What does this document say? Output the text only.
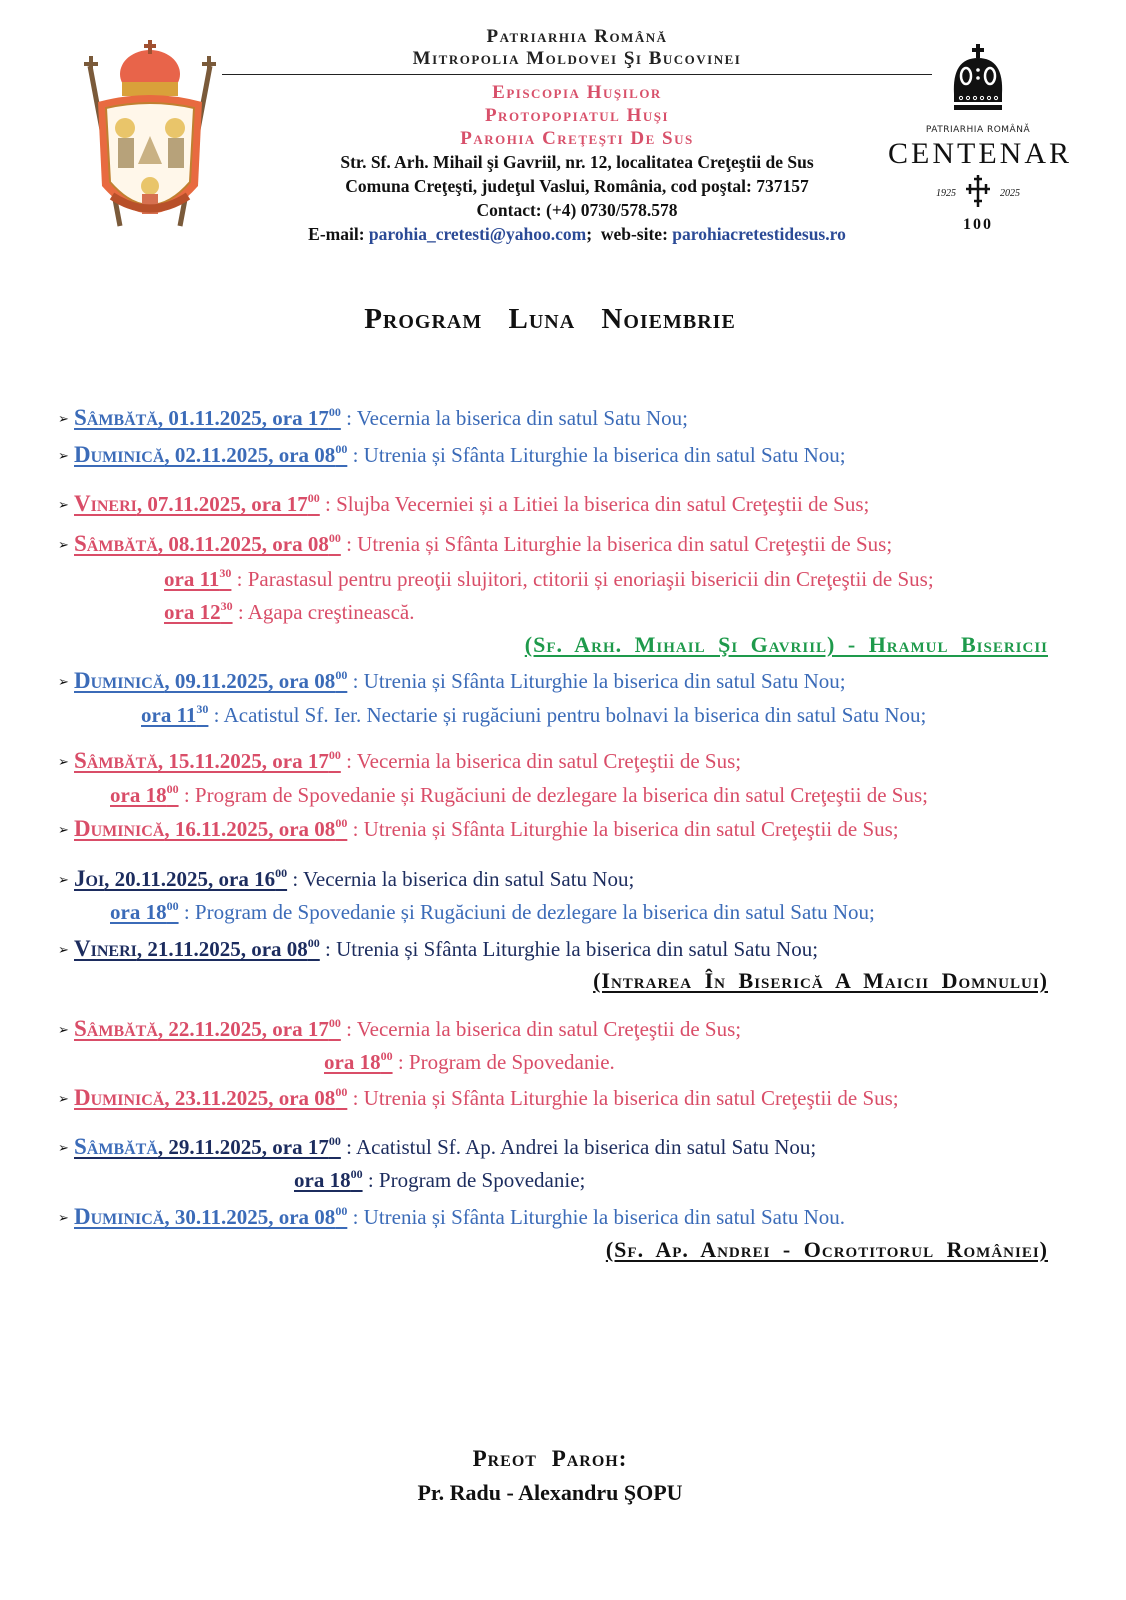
Patriarhia Română
Mitropolia Moldovei Şi Bucovinei
Episcopia Huşilor
Protopopiatul Huşi
Parohia Creţeşti De Sus
Str. Sf. Arh. Mihail şi Gavriil, nr. 12, localitatea Creţeştii de Sus
Comuna Creţeşti, judeţul Vaslui, România, cod poştal: 737157
Contact: (+4) 0730/578.578
E-mail: parohia_cretesti@yahoo.com;  web-site: parohiacretestidesus.ro
PATRIARHIA ROMÂNĂ
CENTENAR
1925	2025
100
Program Luna Noiembrie
➢ Sâmbătă, 01.11.2025, ora $17^{00}$ : Vecernia la biserica din satul Satu Nou;
➢ Duminică, 02.11.2025, ora $08^{00}$ : Utrenia și Sfânta Liturghie la biserica din satul Satu Nou;
➢ Vineri, 07.11.2025, ora $17^{00}$ : Slujba Vecerniei și a Litiei la biserica din satul Creţeştii de Sus;
➢ Sâmbătă, 08.11.2025, ora $08^{00}$ : Utrenia și Sfânta Liturghie la biserica din satul Creţeştii de Sus;
ora $11^{30}$ : Parastasul pentru preoţii slujitori, ctitorii și enoriaşii bisericii din Creţeştii de Sus;
ora $12^{30}$ : Agapa creştinească.
➢ Duminică, 09.11.2025, ora $08^{00}$ : Utrenia și Sfânta Liturghie la biserica din satul Satu Nou;
ora $11^{30}$ : Acatistul Sf. Ier. Nectarie și rugăciuni pentru bolnavi la biserica din satul Satu Nou;
➢ Sâmbătă, 15.11.2025, ora $17^{00}$ : Vecernia la biserica din satul Creţeştii de Sus;
ora $18^{00}$ : Program de Spovedanie și Rugăciuni de dezlegare la biserica din satul Creţeştii de Sus;
➢ Duminică, 16.11.2025, ora $08^{00}$ : Utrenia și Sfânta Liturghie la biserica din satul Creţeştii de Sus;
➢ Joi, 20.11.2025, ora $16^{00}$ : Vecernia la biserica din satul Satu Nou;
ora $18^{00}$ : Program de Spovedanie și Rugăciuni de dezlegare la biserica din satul Satu Nou;
➢ Vineri, 21.11.2025, ora $08^{00}$ : Utrenia și Sfânta Liturghie la biserica din satul Satu Nou;
➢ Sâmbătă, 22.11.2025, ora $17^{00}$ : Vecernia la biserica din satul Creţeştii de Sus;
ora $18^{00}$ : Program de Spovedanie.
➢ Duminică, 23.11.2025, ora $08^{00}$ : Utrenia și Sfânta Liturghie la biserica din satul Creţeştii de Sus;
➢ Sâmbătă, 29.11.2025, ora $17^{00}$ : Acatistul Sf. Ap. Andrei la biserica din satul Satu Nou;
ora $18^{00}$ : Program de Spovedanie;
➢ Duminică, 30.11.2025, ora $08^{00}$ : Utrenia și Sfânta Liturghie la biserica din satul Satu Nou.
(Sf. Arh. Mihail Şi Gavriil) - Hramul Bisericii
(Intrarea În Biserică A Maicii Domnului)
(Sf. Ap. Andrei - Ocrotitorul României)
Preot Paroh:
Pr. Radu - Alexandru ŞOPU
